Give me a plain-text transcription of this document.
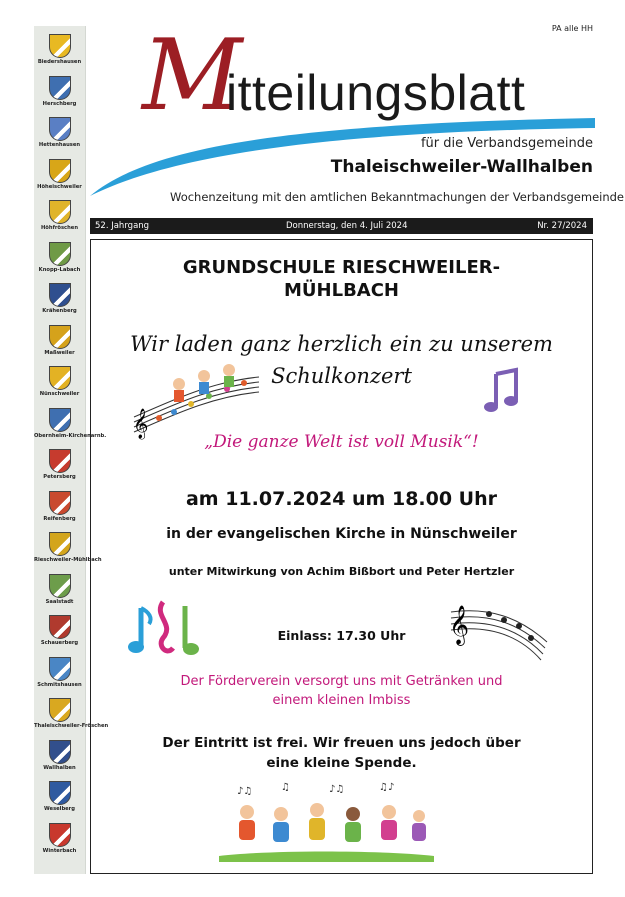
Biedershausen
Herschberg
Hettenhausen
Höheischweiler
Höhfröschen
Knopp-Labach
Krähenberg
Maßweiler
Nünschweiler
Obernheim-Kirchenarnb.
Petersberg
Reifenberg
Rieschweiler-Mühlbach
Saalstadt
Schauerberg
Schmitshausen
Thaleischweiler-Fröschen
Wallhalben
Weselberg
Winterbach
PA alle HH
M
itteilungsblatt
für die Verbandsgemeinde
Thaleischweiler-Wallhalben
Wochenzeitung mit den amtlichen Bekanntmachungen der Verbandsgemeinde
52. Jahrgang	Donnerstag, den 4. Juli 2024	Nr. 27/2024
GRUNDSCHULE RIESCHWEILER-
MÜHLBACH
Wir laden ganz herzlich ein zu unserem
Schulkonzert
𝄞
„Die ganze Welt ist voll Musik“!
am 11.07.2024 um 18.00 Uhr
in der evangelischen Kirche in Nünschweiler
unter Mitwirkung von Achim Bißbort und Peter Hertzler
Einlass: 17.30 Uhr	𝄞
Der Förderverein versorgt uns mit Getränken und
einem kleinen Imbiss
Der Eintritt ist frei. Wir freuen uns jedoch über
eine kleine Spende.
♪♫	♫	♪♫	♫♪
